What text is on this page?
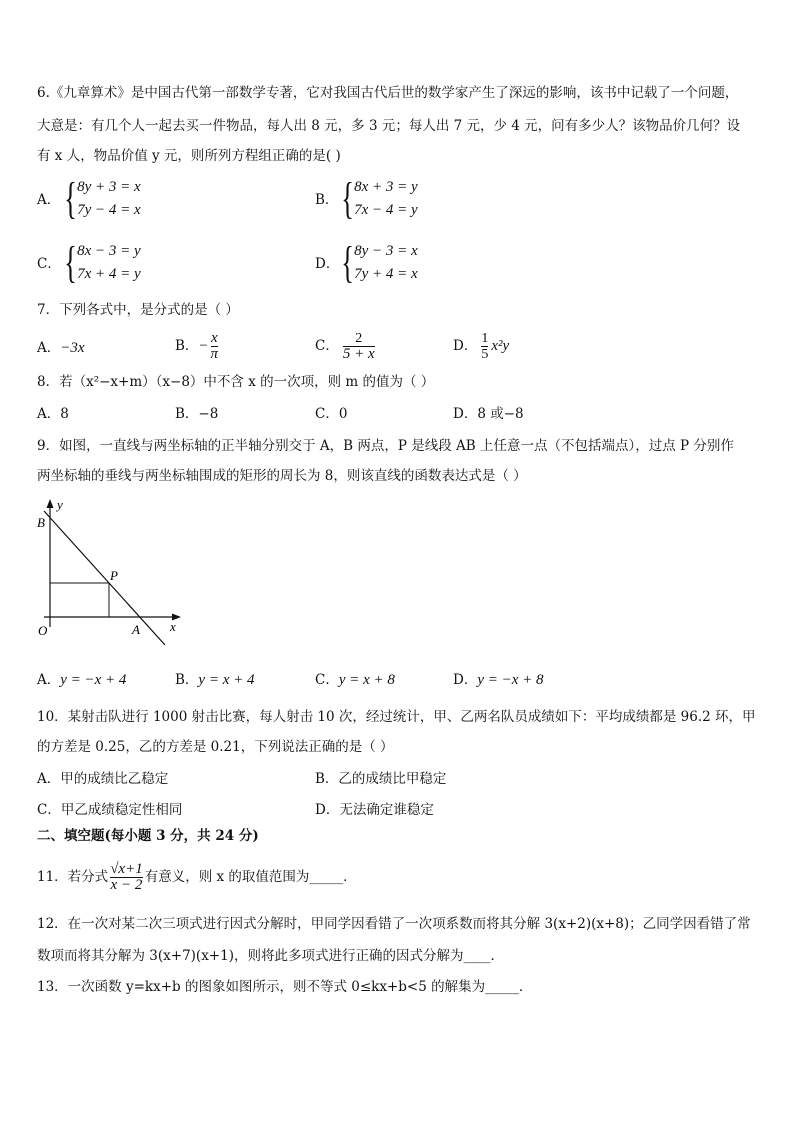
6.《九章算术》是中国古代第一部数学专著，它对我国古代后世的数学家产生了深远的影响，该书中记载了一个问题，
大意是：有几个人一起去买一件物品，每人出 8 元，多 3 元；每人出 7 元，少 4 元，问有多少人？该物品价几何？设
有 x 人，物品价值 y 元，则所列方程组正确的是( )
A． { 8y + 3 = x
7y − 4 = x
B． { 8x + 3 = y
7x − 4 = y
C． { 8x − 3 = y
7x + 4 = y
D． { 8y − 3 = x
7y + 4 = x
7．下列各式中，是分式的是（ ）
A．−3x	B． − $\frac{x}{\pi}$	C． $\frac{2}{5 + x}$	D． $\frac{1}{5} x^2y$
8．若（x²−x+m）（x−8）中不含 x 的一次项，则 m 的值为（ ）
A．8	B．−8	C．0	D．8 或−8
9．如图，一直线与两坐标轴的正半轴分别交于 A，B 两点，P 是线段 AB 上任意一点（不包括端点），过点 P 分别作
两坐标轴的垂线与两坐标轴围成的矩形的周长为 8，则该直线的函数表达式是（ ）
y
x
O
B
A
P
A．y = −x + 4	B．y = x + 4	C．y = x + 8	D．y = −x + 8
10．某射击队进行 1000 射击比赛，每人射击 10 次，经过统计，甲、乙两名队员成绩如下：平均成绩都是 96.2 环，甲
的方差是 0.25，乙的方差是 0.21，下列说法正确的是（ ）
A．甲的成绩比乙稳定	B．乙的成绩比甲稳定
C．甲乙成绩稳定性相同	D．无法确定谁稳定
二、填空题(每小题 3 分，共 24 分)
11．若分式 $\frac{√x+1}{x - 2}$ 有意义，则 x 的取值范围为_____．
12．在一次对某二次三项式进行因式分解时，甲同学因看错了一次项系数而将其分解 3(x+2)(x+8)；乙同学因看错了常
数项而将其分解为 3(x+7)(x+1)，则将此多项式进行正确的因式分解为____．
13．一次函数 y=kx+b 的图象如图所示，则不等式 0≤kx+b<5 的解集为_____．
